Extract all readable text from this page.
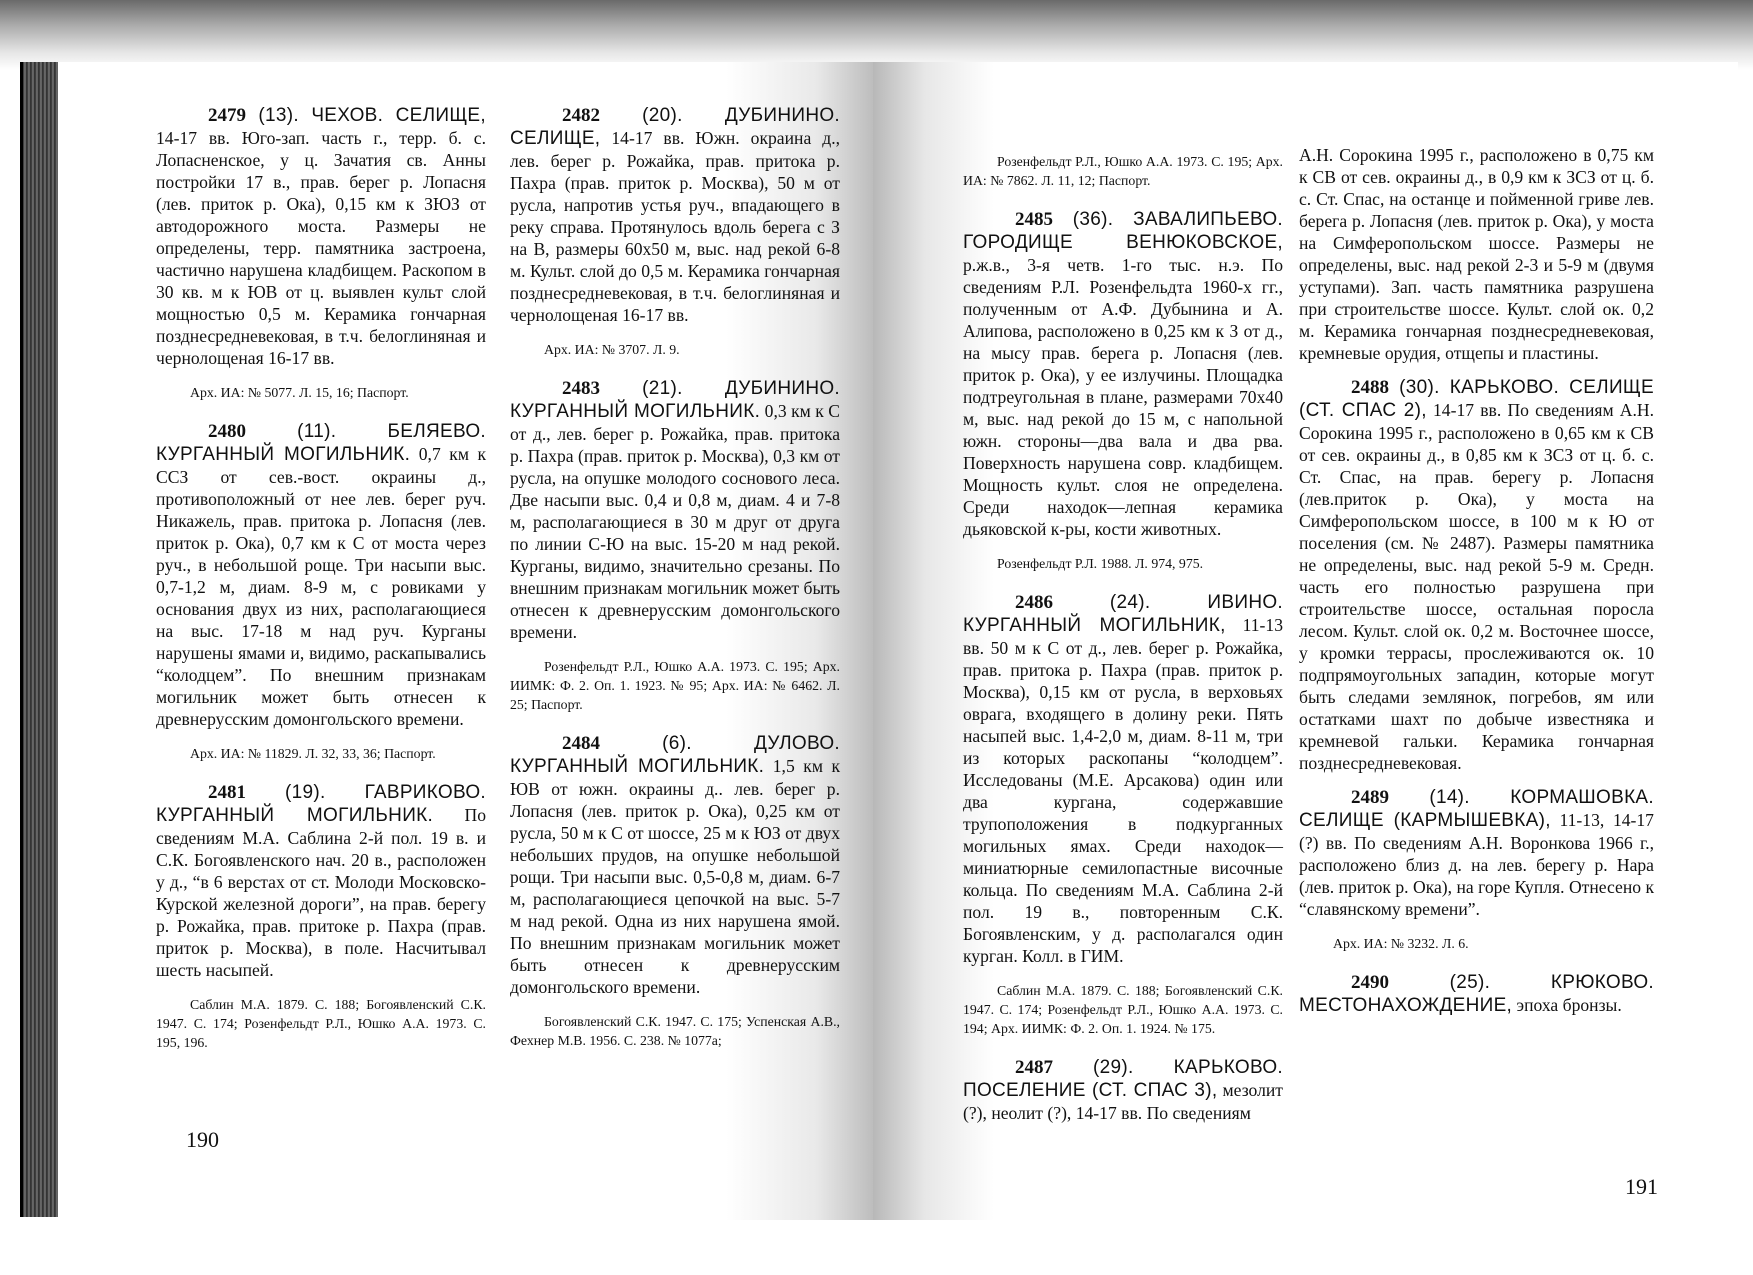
2479 (13). ЧЕХОВ. СЕЛИЩЕ, 14-17 вв. Юго-зап. часть г., терр. б. с. Лопасненское, у ц. Зачатия св. Анны постройки 17 в., прав. берег р. Лопасня (лев. приток р. Ока), 0,15 км к ЗЮЗ от автодорожного моста. Размеры не определены, терр. памятника застроена, частично нарушена кладбищем. Раскопом в 30 кв. м к ЮВ от ц. выявлен культ слой мощностью 0,5 м. Керамика гончарная позднесредневековая, в т.ч. белоглиняная и чернолощеная 16-17 вв.

Арх. ИА: № 5077. Л. 15, 16; Паспорт.

2480 (11). БЕЛЯЕВО. КУРГАННЫЙ МОГИЛЬНИК. 0,7 км к ССЗ от сев.-вост. окраины д., противоположный от нее лев. берег руч. Никажель, прав. притока р. Лопасня (лев. приток р. Ока), 0,7 км к С от моста через руч., в небольшой роще. Три насыпи выс. 0,7-1,2 м, диам. 8-9 м, с ровиками у основания двух из них, располагающиеся на выс. 17-18 м над руч. Курганы нарушены ямами и, видимо, раскапывались “колодцем”. По внешним признакам могильник может быть отнесен к древнерусским домонгольского времени.

Арх. ИА: № 11829. Л. 32, 33, 36; Паспорт.

2481 (19). ГАВРИКОВО. КУРГАННЫЙ МОГИЛЬНИК. По сведениям М.А. Саблина 2-й пол. 19 в. и С.К. Богоявленского нач. 20 в., расположен у д., “в 6 верстах от ст. Молоди Московско-Курской железной дороги”, на прав. берегу р. Рожайка, прав. притоке р. Пахра (прав. приток р. Москва), в поле. Насчитывал шесть насыпей.

Саблин М.А. 1879. С. 188; Богоявленский С.К. 1947. С. 174; Розенфельдт Р.Л., Юшко А.А. 1973. С. 195, 196.

2482 (20). ДУБИНИНО. СЕЛИЩЕ, 14-17 вв. Южн. окраина д., лев. берег р. Рожайка, прав. притока р. Пахра (прав. приток р. Москва), 50 м от русла, напротив устья руч., впадающего в реку справа. Протянулось вдоль берега с З на В, размеры 60х50 м, выс. над рекой 6-8 м. Культ. слой до 0,5 м. Керамика гончарная позднесредневековая, в т.ч. белоглиняная и чернолощеная 16-17 вв.

Арх. ИА: № 3707. Л. 9.

2483 (21). ДУБИНИНО. КУРГАННЫЙ МОГИЛЬНИК. 0,3 км к С от д., лев. берег р. Рожайка, прав. притока р. Пахра (прав. приток р. Москва), 0,3 км от русла, на опушке молодого соснового леса. Две насыпи выс. 0,4 и 0,8 м, диам. 4 и 7-8 м, располагающиеся в 30 м друг от друга по линии С-Ю на выс. 15-20 м над рекой. Курганы, видимо, значительно срезаны. По внешним признакам могильник может быть отнесен к древнерусским домонгольского времени.

Розенфельдт Р.Л., Юшко А.А. 1973. С. 195; Арх. ИИМК: Ф. 2. Оп. 1. 1923. № 95; Арх. ИА: № 6462. Л. 25; Паспорт.

2484 (6). ДУЛОВО. КУРГАННЫЙ МОГИЛЬНИК. 1,5 км к ЮВ от южн. окраины д.. лев. берег р. Лопасня (лев. приток р. Ока), 0,25 км от русла, 50 м к С от шоссе, 25 м к ЮЗ от двух небольших прудов, на опушке небольшой рощи. Три насыпи выс. 0,5-0,8 м, диам. 6-7 м, располагающиеся цепочкой на выс. 5-7 м над рекой. Одна из них нарушена ямой. По внешним признакам могильник может быть отнесен к древнерусским домонгольского времени.

Богоявленский С.К. 1947. С. 175; Успенская А.В., Фехнер М.В. 1956. С. 238. № 1077а;
190
Розенфельдт Р.Л., Юшко А.А. 1973. С. 195; Арх. ИА: № 7862. Л. 11, 12; Паспорт.

2485 (36). ЗАВАЛИПЬЕВО. ГОРОДИЩЕ ВЕНЮКОВСКОЕ, р.ж.в., 3-я четв. 1-го тыс. н.э. По сведениям Р.Л. Розенфельдта 1960-х гг., полученным от А.Ф. Дубынина и А. Алипова, расположено в 0,25 км к З от д., на мысу прав. берега р. Лопасня (лев. приток р. Ока), у ее излучины. Площадка подтреугольная в плане, размерами 70х40 м, выс. над рекой до 15 м, с напольной южн. стороны—два вала и два рва. Поверхность нарушена совр. кладбищем. Мощность культ. слоя не определена. Среди находок—лепная керамика дьяковской к-ры, кости животных.

Розенфельдт Р.Л. 1988. Л. 974, 975.

2486 (24). ИВИНО. КУРГАННЫЙ МОГИЛЬНИК, 11-13 вв. 50 м к С от д., лев. берег р. Рожайка, прав. притока р. Пахра (прав. приток р. Москва), 0,15 км от русла, в верховьях оврага, входящего в долину реки. Пять насыпей выс. 1,4-2,0 м, диам. 8-11 м, три из которых раскопаны “колодцем”. Исследованы (М.Е. Арсакова) один или два кургана, содержавшие трупоположения в подкурганных могильных ямах. Среди находок—миниатюрные семилопастные височные кольца. По сведениям М.А. Саблина 2-й пол. 19 в., повторенным С.К. Богоявленским, у д. располагался один курган. Колл. в ГИМ.

Саблин М.А. 1879. С. 188; Богоявленский С.К. 1947. С. 174; Розенфельдт Р.Л., Юшко А.А. 1973. С. 194; Арх. ИИМК: Ф. 2. Оп. 1. 1924. № 175.

2487 (29). КАРЬКОВО. ПОСЕЛЕНИЕ (СТ. СПАС 3), мезолит (?), неолит (?), 14-17 вв. По сведениям

А.Н. Сорокина 1995 г., расположено в 0,75 км к СВ от сев. окраины д., в 0,9 км к ЗСЗ от ц. б. с. Ст. Спас, на останце и пойменной гриве лев. берега р. Лопасня (лев. приток р. Ока), у моста на Симферопольском шоссе. Размеры не определены, выс. над рекой 2-3 и 5-9 м (двумя уступами). Зап. часть памятника разрушена при строительстве шоссе. Культ. слой ок. 0,2 м. Керамика гончарная позднесредневековая, кремневые орудия, отщепы и пластины.

2488 (30). КАРЬКОВО. СЕЛИЩЕ (СТ. СПАС 2), 14-17 вв. По сведениям А.Н. Сорокина 1995 г., расположено в 0,65 км к СВ от сев. окраины д., в 0,85 км к ЗСЗ от ц. б. с. Ст. Спас, на прав. берегу р. Лопасня (лев.приток р. Ока), у моста на Симферопольском шоссе, в 100 м к Ю от поселения (см. № 2487). Размеры памятника не определены, выс. над рекой 5-9 м. Средн. часть его полностью разрушена при строительстве шоссе, остальная поросла лесом. Культ. слой ок. 0,2 м. Восточнее шоссе, у кромки террасы, прослеживаются ок. 10 подпрямоугольных западин, которые могут быть следами землянок, погребов, ям или остатками шахт по добыче известняка и кремневой гальки. Керамика гончарная позднесредневековая.

2489 (14). КОРМАШОВКА. СЕЛИЩЕ (КАРМЫШЕВКА), 11-13, 14-17 (?) вв. По сведениям А.Н. Воронкова 1966 г., расположено близ д. на лев. берегу р. Нара (лев. приток р. Ока), на горе Купля. Отнесено к “славянскому времени”.

Арх. ИА: № 3232. Л. 6.

2490 (25). КРЮКОВО. МЕСТОНАХОЖДЕНИЕ, эпоха бронзы.

191
